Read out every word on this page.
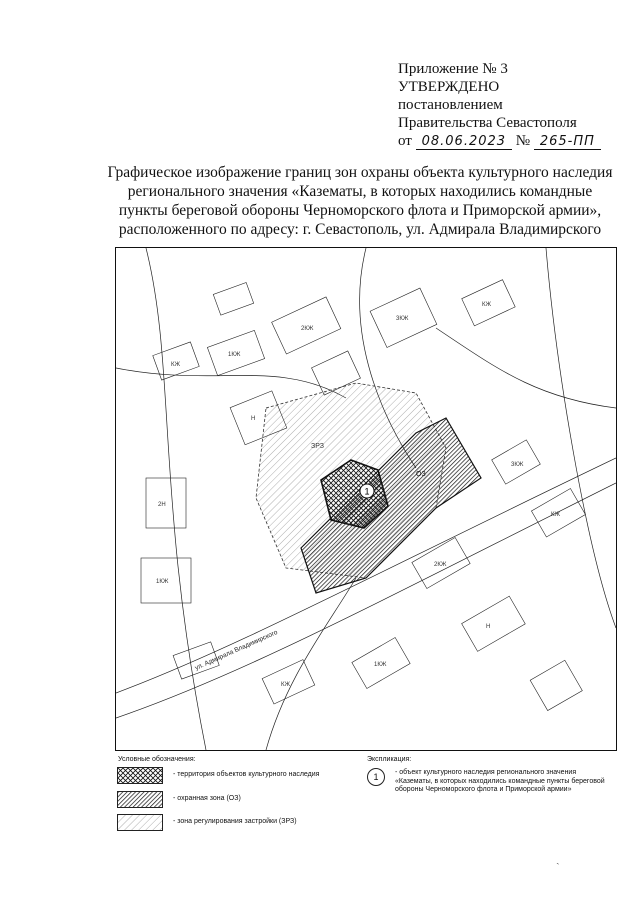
Приложение № 3
УТВЕРЖДЕНО
постановлением
Правительства Севастополя
от 08.06.2023 № 265-ПП
Графическое изображение границ зон охраны объекта культурного наследия
регионального значения «Казематы, в которых находились командные
пункты береговой обороны Черноморского флота и Приморской армии»,
расположенного по адресу: г. Севастополь, ул. Адмирала Владимирского
1
ОЗ
ЗРЗ
ул. Адмирала Владимирского
КЖ
1КЖ
2КЖ
3КЖ
КЖ
Н
2Н
1КЖ
3КЖ
КЖ
2КЖ
Н
1КЖ
КЖ
Условные обозначения:
- территория объектов культурного наследия
- охранная зона (ОЗ)
- зона регулирования застройки (ЗРЗ)
Экспликация:
1	- объект культурного наследия регионального значения «Казематы, в которых находились командные пункты береговой обороны Черноморского флота и Приморской армии»
ˎ
